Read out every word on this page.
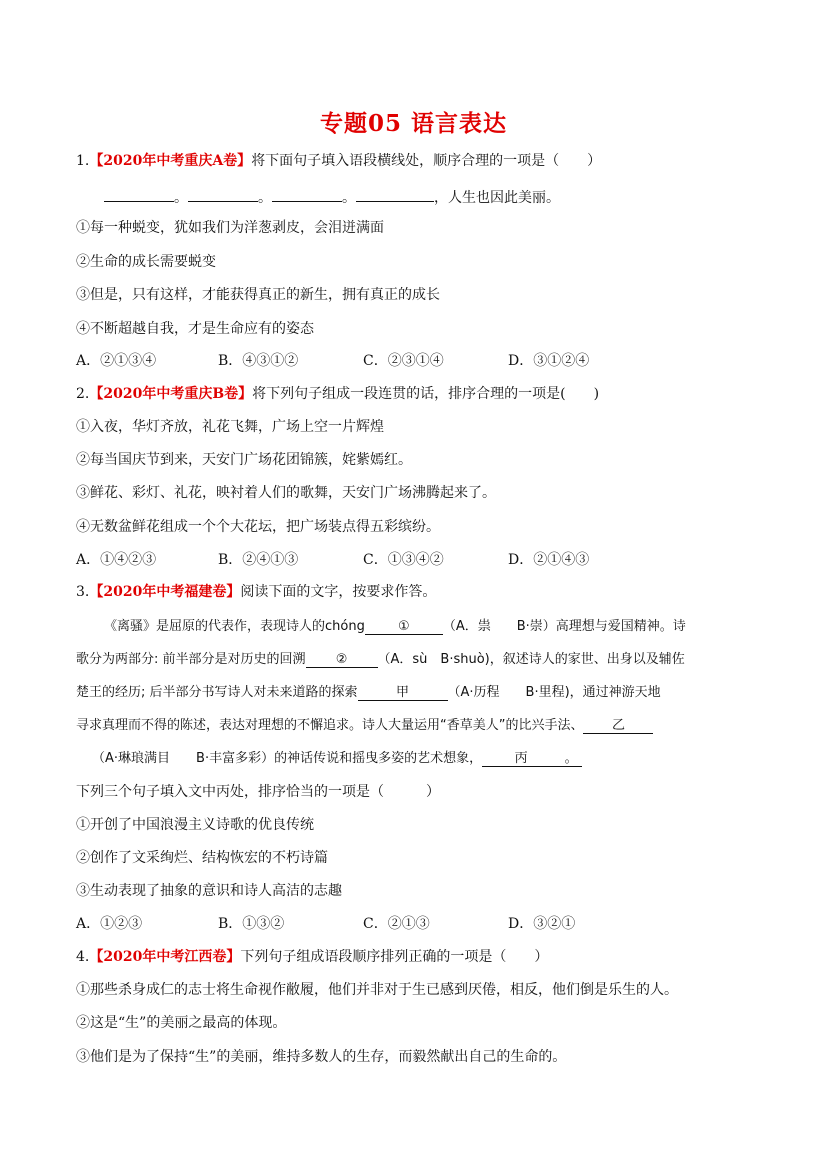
专题05 语言表达
1.【2020年中考重庆A卷】将下面句子填入语段横线处，顺序合理的一项是（　　）
。	。	。	，人生也因此美丽。
①每一种蜕变，犹如我们为洋葱剥皮，会泪迸满面
②生命的成长需要蜕变
③但是，只有这样，才能获得真正的新生，拥有真正的成长
④不断超越自我，才是生命应有的姿态
A．②①③④	B．④③①②	C．②③①④	D．③①②④
2.【2020年中考重庆B卷】将下列句子组成一段连贯的话，排序合理的一项是(　　)
①入夜，华灯齐放，礼花飞舞，广场上空一片辉煌
②每当国庆节到来，天安门广场花团锦簇，姹紫嫣红。
③鲜花、彩灯、礼花，映衬着人们的歌舞，天安门广场沸腾起来了。
④无数盆鲜花组成一个个大花坛，把广场装点得五彩缤纷。
A．①④②③	B．②④①③	C．①③④②	D．②①④③
3.【2020年中考福建卷】阅读下面的文字，按要求作答。
《离骚》是屈原的代表作，表现诗人的chóng	①	（A．祟　　B·崇）高理想与爱国精神。诗
歌分为两部分: 前半部分是对历史的回溯 ② （A．sù　B·shuò)，叙述诗人的家世、出身以及辅佐
楚王的经历; 后半部分书写诗人对未来道路的探索	甲	（A·历程　　B·里程)，通过神游天地
寻求真理而不得的陈述，表达对理想的不懈追求。诗人大量运用“香草美人”的比兴手法、 乙
（A·琳琅满目　　B·丰富多彩）的神话传说和摇曳多姿的艺术想象， 丙	。
下列三个句子填入文中丙处，排序恰当的一项是（　　　）
①开创了中国浪漫主义诗歌的优良传统
②创作了文采绚烂、结构恢宏的不朽诗篇
③生动表现了抽象的意识和诗人高洁的志趣
A．①②③	B．①③②	C．②①③	D．③②①
4.【2020年中考江西卷】下列句子组成语段顺序排列正确的一项是（　　）
①那些杀身成仁的志士将生命视作敝履，他们并非对于生已感到厌倦，相反，他们倒是乐生的人。
②这是“生”的美丽之最高的体现。
③他们是为了保持“生”的美丽，维持多数人的生存，而毅然献出自己的生命的。
